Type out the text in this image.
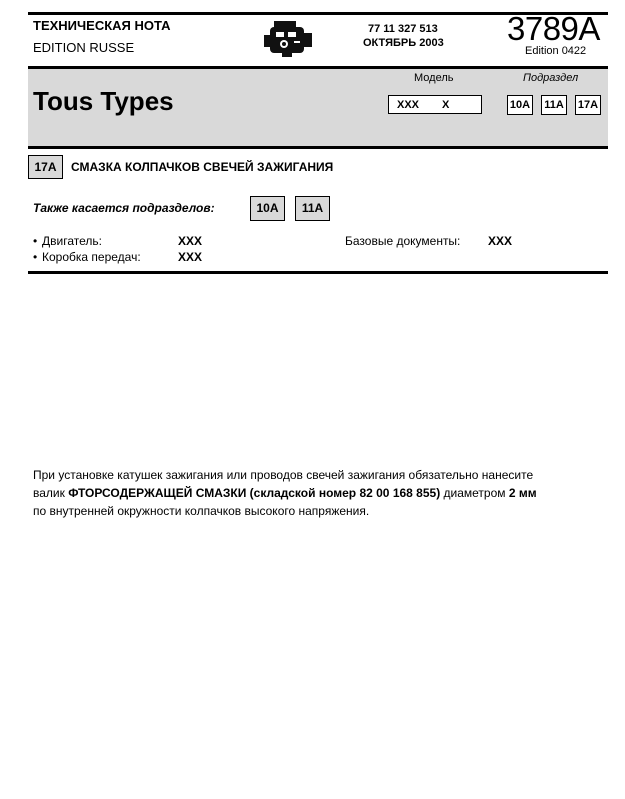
ТЕХНИЧЕСКАЯ НОТА
EDITION RUSSE
77 11 327 513
ОКТЯБРЬ 2003 3789A
Edition 0422
Tous Types
Модель
XXX X
Подраздел
10A 11A 17A
17A	СМАЗКА КОЛПАЧКОВ СВЕЧЕЙ ЗАЖИГАНИЯ
Также касается подразделов:	10A	11A
• Двигатель:	XXX
• Коробка передач:	XXX
Базовые документы: XXX
При установке катушек зажигания или проводов свечей зажигания обязательно нанесите
валик ФТОРСОДЕРЖАЩЕЙ СМАЗКИ (складской номер 82 00 168 855) диаметром 2 мм
по внутренней окружности колпачков высокого напряжения.
